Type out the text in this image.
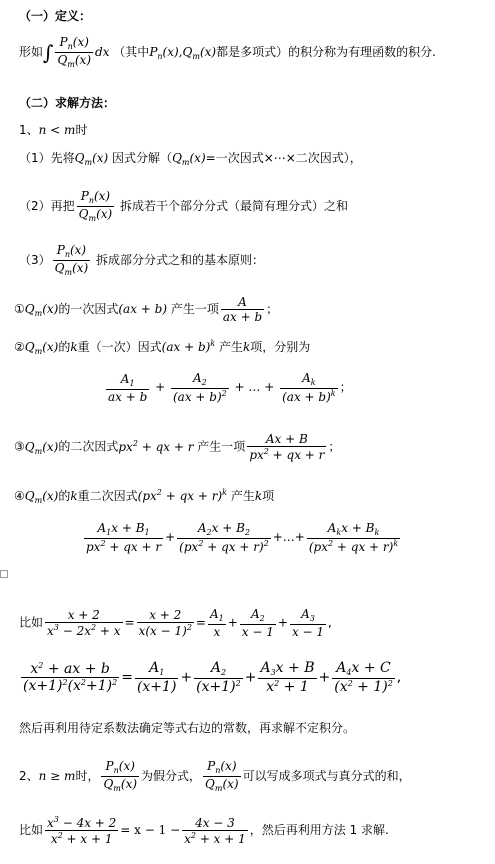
（一）定义：
形如∫ $\frac{P_n(x)}{Q_m(x)}$ dx （其中$P_n(x),Q_m(x)$都是多项式）的积分称为有理函数的积分.
（二）求解方法：
1、n < m时
（1）先将$Q_m(x)$ 因式分解（$Q_m(x)=$一次因式×⋯×二次因式），
（2）再把 $\frac{P_n(x)}{Q_m(x)}$ 拆成若干个部分分式（最简有理分式）之和
$(3) \frac{P_n(x)}{Q_m(x)}$ 拆成部分分式之和的基本原则：
$①Q_m(x)$的一次因式(ax + b) 产生一项 $\frac{A}{ax + b}$ ；
$②Q_m(x)$的k重（一次）因式(ax + b)$^k$ 产生k项，分别为
$\frac{A_1}{ax + b} + \frac{A_2}{(ax + b)^2}$ + … + $\frac{A_k}{(ax + b)^k}$ ；
$③Q_m(x)$的二次因式$px^2$ + qx + r 产生一项 $\frac{Ax + B}{px^2 + qx + r}$ ；
$④Q_m(x)$的k重二次因式($px^2$ + qx + r)$^k$ 产生k项
$\frac{A_1x + B_1}{px^2 + qx + r} + \frac{A_2x + B_2}{(px^2 + qx + r)^2}$ +…+ $\frac{A_kx + B_k}{(px^2 + qx + r)^k}$
比如 $\frac{x + 2}{x^3 - 2x^2 + x} = \frac{x + 2}{x(x - 1)^2} = \frac{A_1}{x} + \frac{A_2}{x - 1} + \frac{A_3}{x - 1}$ ,
$\frac{x^2 + ax + b}{(x+1)^2(x^2+1)^2} = \frac{A_1}{(x+1)} + \frac{A_2}{(x+1)^2} + \frac{A_3x + B}{x^2 + 1} + \frac{A_4x + C}{(x^2 + 1)^2}$ ,
然后再利用待定系数法确定等式右边的常数，再求解不定积分。
2、n ≥ m时， $\frac{P_n(x)}{Q_m(x)}$ 为假分式， $\frac{P_n(x)}{Q_m(x)}$ 可以写成多项式与真分式的和，
比如 $\frac{x^3 - 4x + 2}{x^2 + x + 1} = x - 1 - \frac{4x - 3}{x^2 + x + 1}$ ，然后再利用方法 1 求解.
